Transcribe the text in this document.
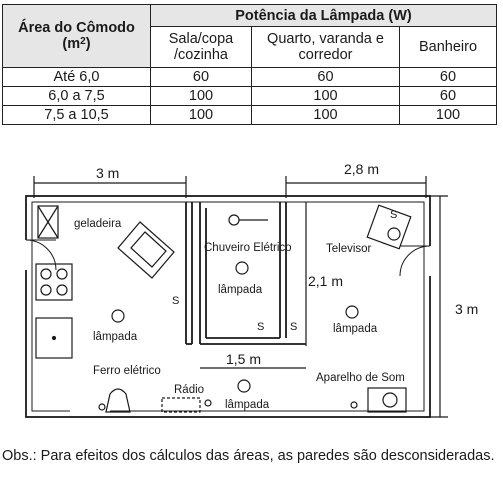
Área do Cômodo $(m^2)$	Potência da Lâmpada (W)		
	Sala/copa /cozinha	Quarto, varanda e corredor	Banheiro
Até 6,0	60	60	60
6,0 a 7,5	100	100	60
7,5 a 10,5	100	100	100
S
S S
S
3 m	2,8 m
3 m
2,1 m
1,5 m
geladeira
Chuveiro Elétrico	Televisor
lâmpada
lâmpada
lâmpada
lâmpada
Ferro elétrico
Rádio
Aparelho de Som

Obs.: Para efeitos dos cálculos das áreas, as paredes são desconsideradas.
